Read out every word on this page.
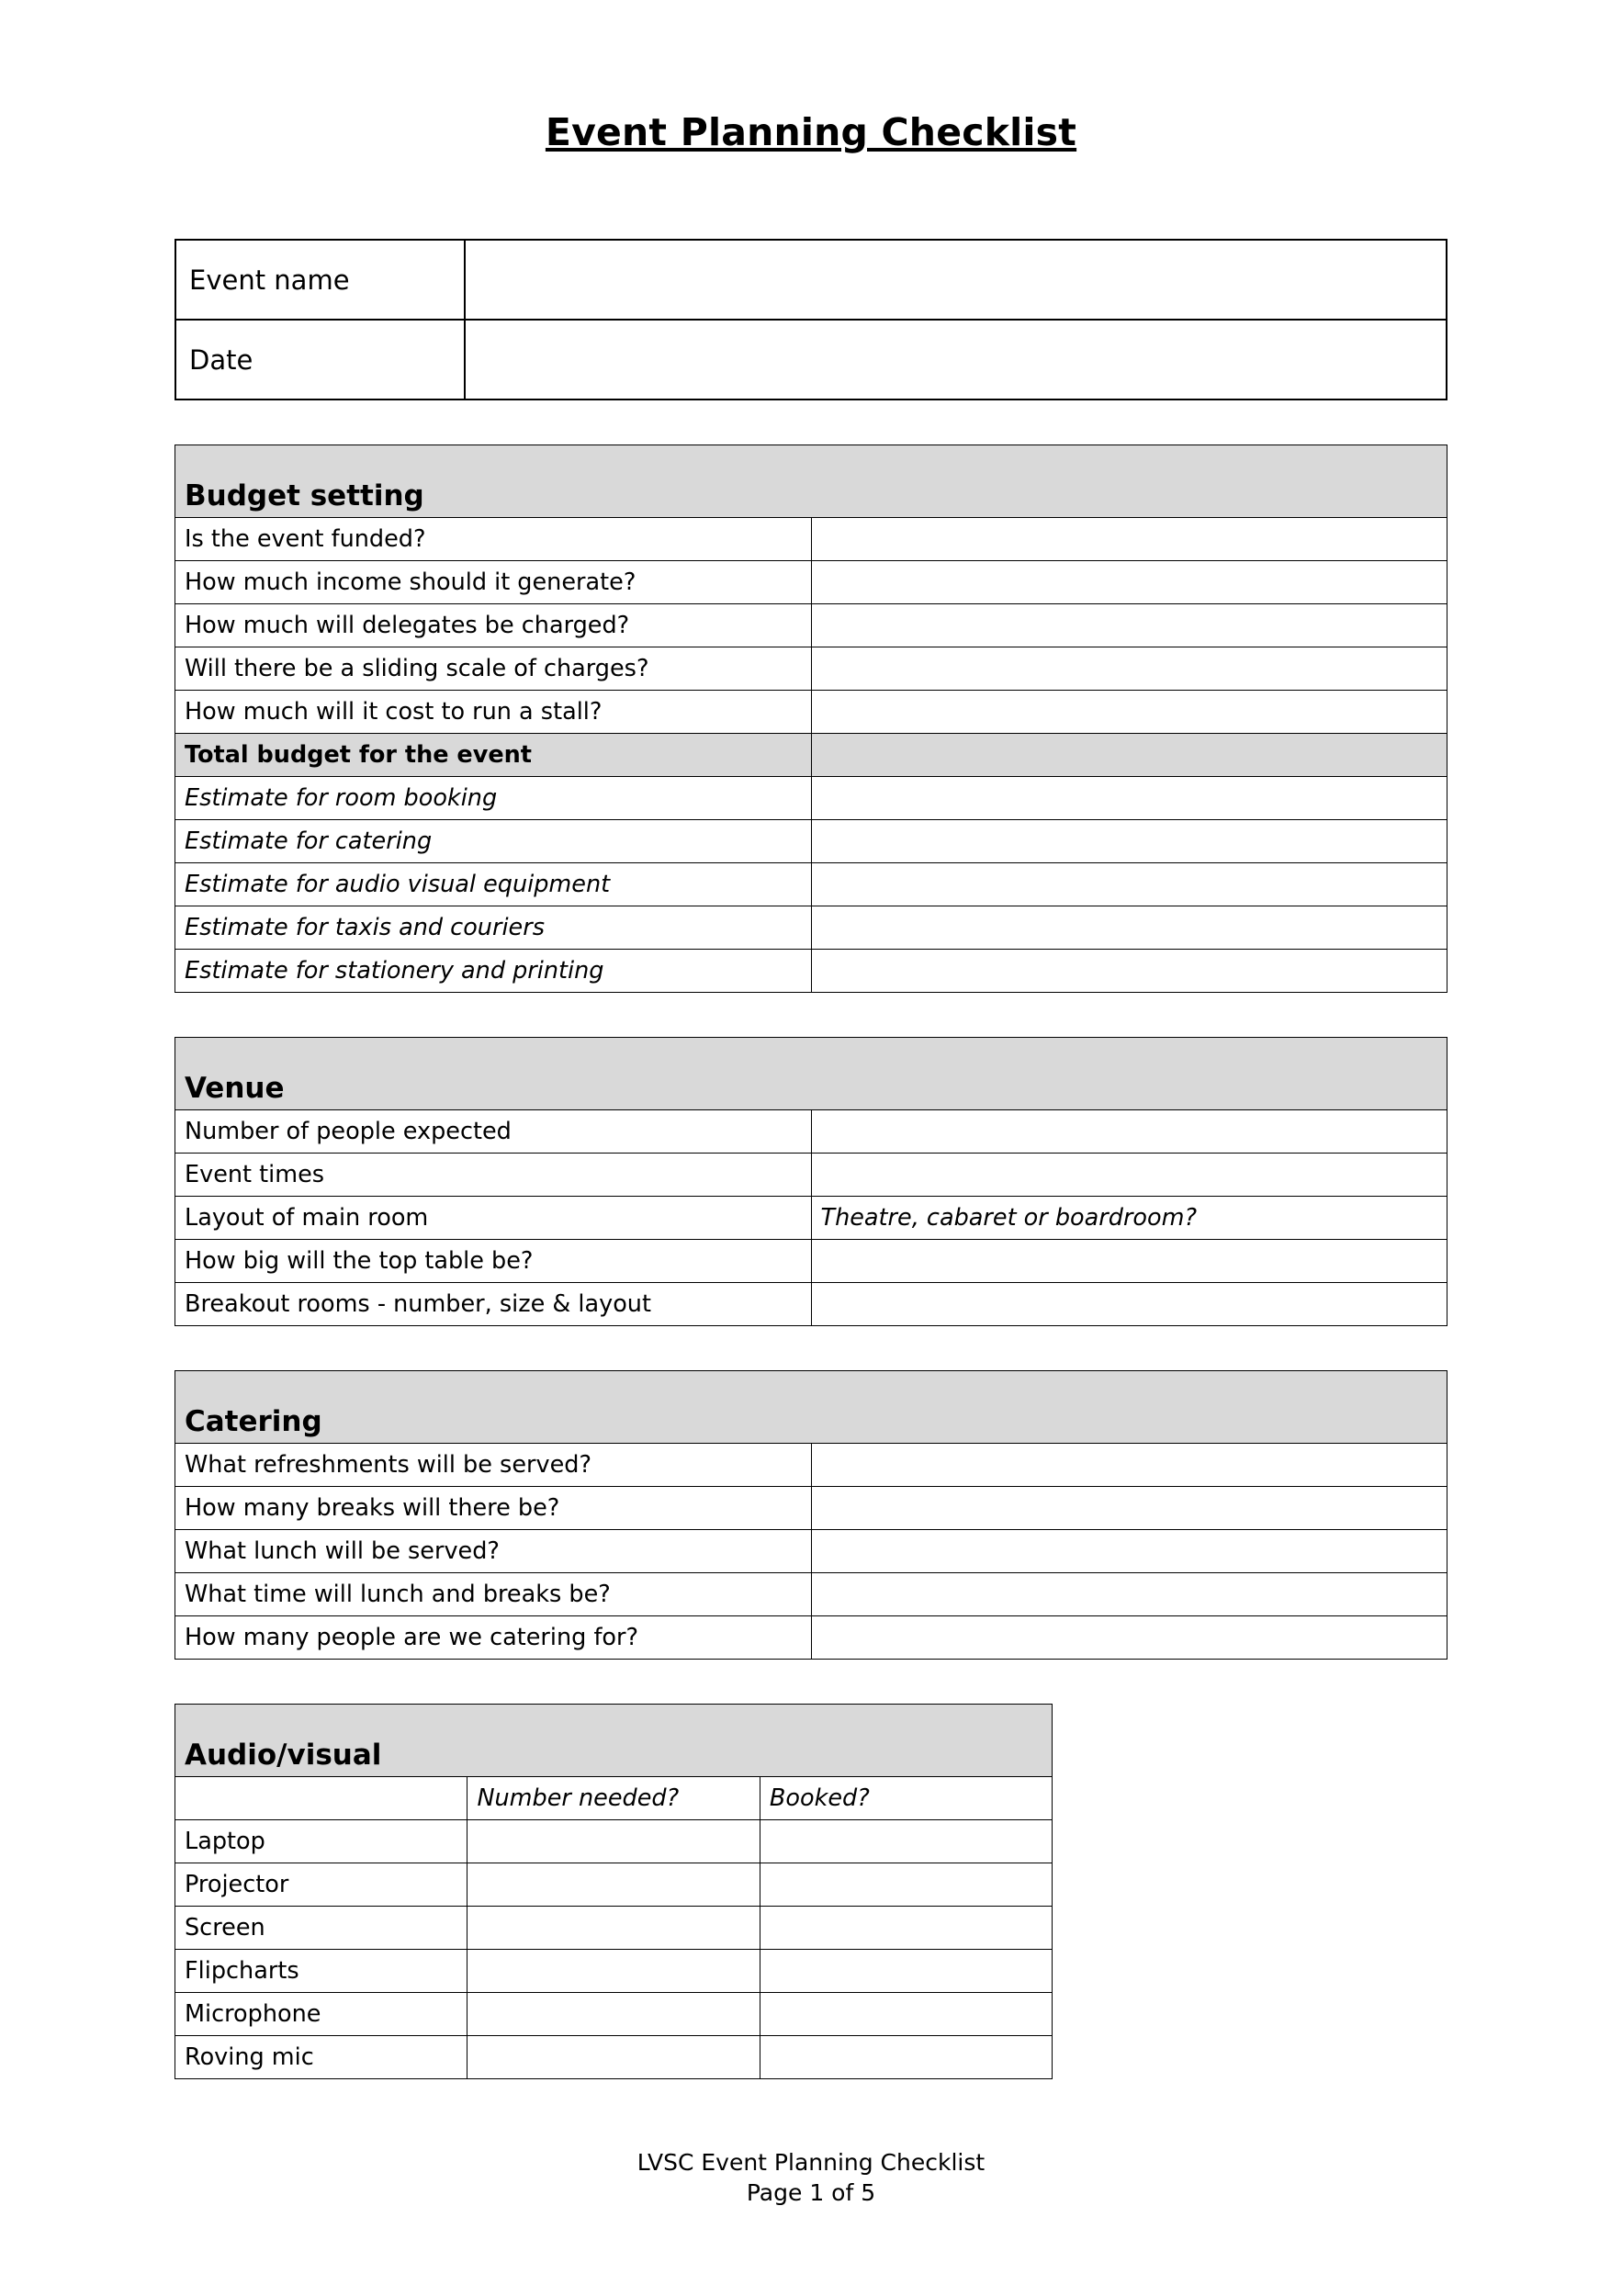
Event Planning Checklist
Event name	
Date	
Budget setting	
Is the event funded?	
How much income should it generate?	
How much will delegates be charged?	
Will there be a sliding scale of charges?	
How much will it cost to run a stall?	
Total budget for the event	
Estimate for room booking	
Estimate for catering	
Estimate for audio visual equipment	
Estimate for taxis and couriers	
Estimate for stationery and printing	
Venue	
Number of people expected	
Event times	
Layout of main room	Theatre, cabaret or boardroom?
How big will the top table be?	
Breakout rooms - number, size & layout	
Catering	
What refreshments will be served?	
How many breaks will there be?	
What lunch will be served?	
What time will lunch and breaks be?	
How many people are we catering for?	
Audio/visual		
	Number needed?	Booked?
Laptop		
Projector		
Screen		
Flipcharts		
Microphone		
Roving mic		
LVSC Event Planning Checklist
Page 1 of 5
